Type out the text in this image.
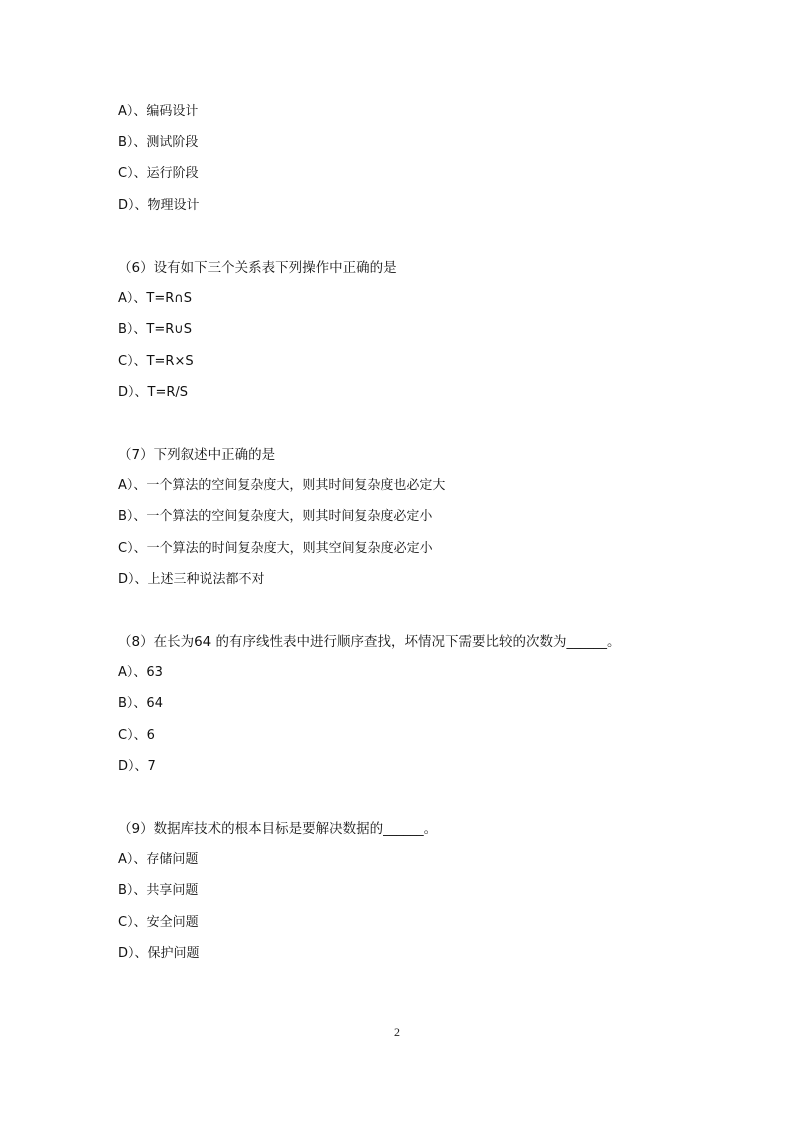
A）、编码设计
B）、测试阶段
C）、运行阶段
D）、物理设计
（6）设有如下三个关系表下列操作中正确的是
A）、T=R∩S
B）、T=R∪S
C）、T=R×S
D）、T=R/S
（7）下列叙述中正确的是
A）、一个算法的空间复杂度大，则其时间复杂度也必定大
B）、一个算法的空间复杂度大，则其时间复杂度必定小
C）、一个算法的时间复杂度大，则其空间复杂度必定小
D）、上述三种说法都不对
（8）在长为64 的有序线性表中进行顺序查找，坏情况下需要比较的次数为______。
A）、63
B）、64
C）、6
D）、7
（9）数据库技术的根本目标是要解决数据的______。
A）、存储问题
B）、共享问题
C）、安全问题
D）、保护问题
2
